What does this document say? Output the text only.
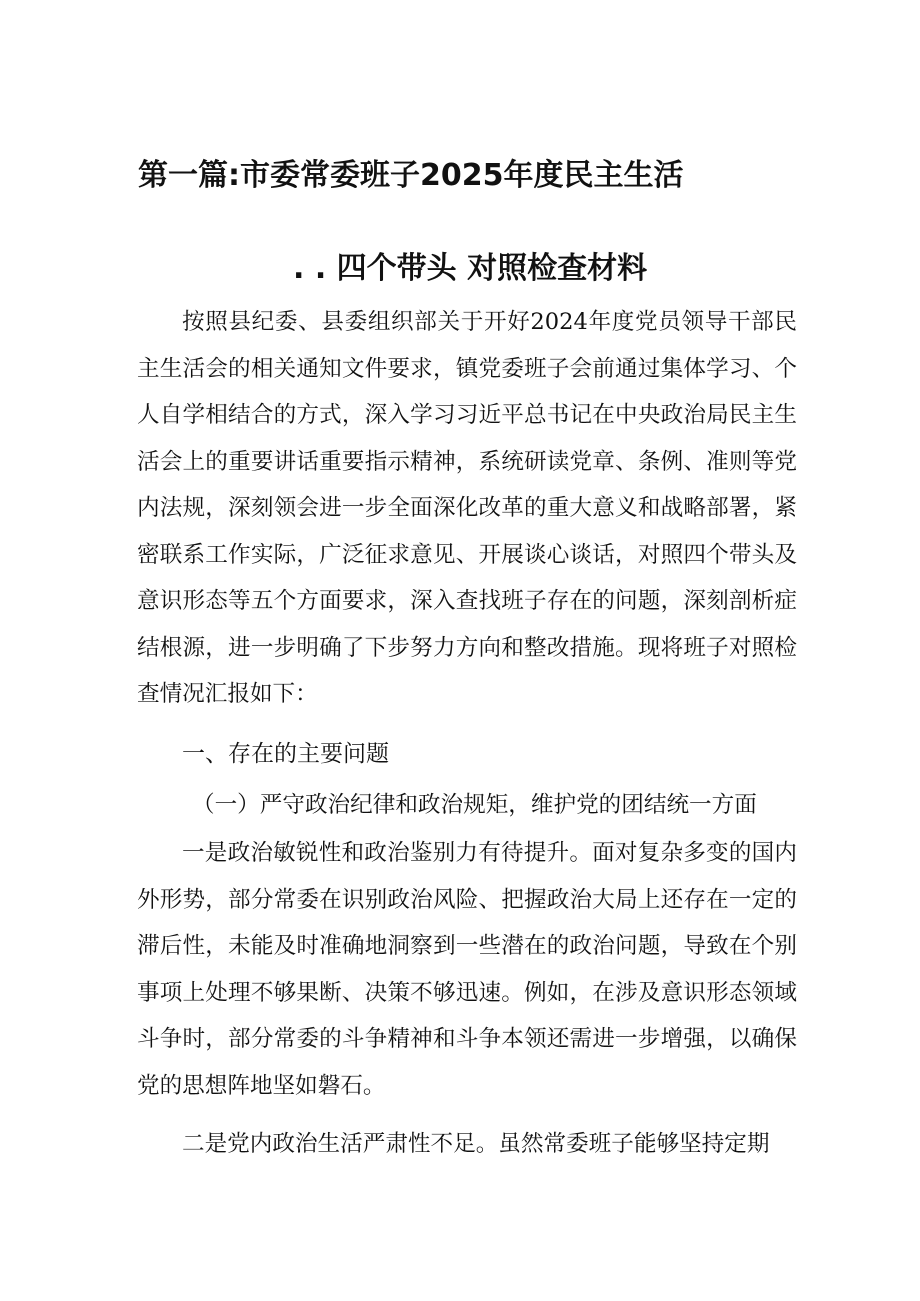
第一篇:市委常委班子2025年度民主生活
. . 四个带头 对照检查材料

按照县纪委、县委组织部关于开好2024年度党员领导干部民主生活会的相关通知文件要求，镇党委班子会前通过集体学习、个人自学相结合的方式，深入学习习近平总书记在中央政治局民主生活会上的重要讲话重要指示精神，系统研读党章、条例、准则等党内法规，深刻领会进一步全面深化改革的重大意义和战略部署，紧密联系工作实际，广泛征求意见、开展谈心谈话，对照四个带头及意识形态等五个方面要求，深入查找班子存在的问题，深刻剖析症结根源，进一步明确了下步努力方向和整改措施。现将班子对照检查情况汇报如下：

一、存在的主要问题
（一）严守政治纪律和政治规矩，维护党的团结统一方面

一是政治敏锐性和政治鉴别力有待提升。面对复杂多变的国内外形势，部分常委在识别政治风险、把握政治大局上还存在一定的滞后性，未能及时准确地洞察到一些潜在的政治问题，导致在个别事项上处理不够果断、决策不够迅速。例如，在涉及意识形态领域斗争时，部分常委的斗争精神和斗争本领还需进一步增强，以确保党的思想阵地坚如磐石。

二是党内政治生活严肃性不足。虽然常委班子能够坚持定期
